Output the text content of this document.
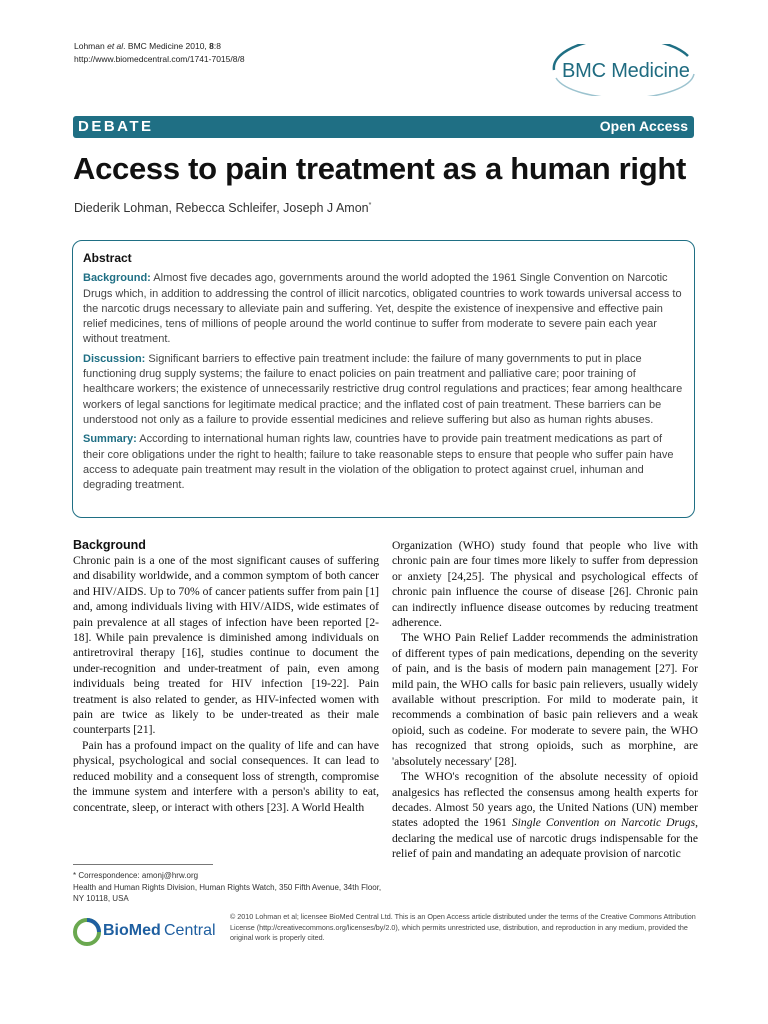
Lohman et al. BMC Medicine 2010, 8:8
http://www.biomedcentral.com/1741-7015/8/8
BMC Medicine
DEBATE	Open Access
Access to pain treatment as a human right
Diederik Lohman, Rebecca Schleifer, Joseph J Amon*
Abstract

Background: Almost five decades ago, governments around the world adopted the 1961 Single Convention on Narcotic Drugs which, in addition to addressing the control of illicit narcotics, obligated countries to work towards universal access to the narcotic drugs necessary to alleviate pain and suffering. Yet, despite the existence of inexpensive and effective pain relief medicines, tens of millions of people around the world continue to suffer from moderate to severe pain each year without treatment.

Discussion: Significant barriers to effective pain treatment include: the failure of many governments to put in place functioning drug supply systems; the failure to enact policies on pain treatment and palliative care; poor training of healthcare workers; the existence of unnecessarily restrictive drug control regulations and practices; fear among healthcare workers of legal sanctions for legitimate medical practice; and the inflated cost of pain treatment. These barriers can be understood not only as a failure to provide essential medicines and relieve suffering but also as human rights abuses.

Summary: According to international human rights law, countries have to provide pain treatment medications as part of their core obligations under the right to health; failure to take reasonable steps to ensure that people who suffer pain have access to adequate pain treatment may result in the violation of the obligation to protect against cruel, inhuman and degrading treatment.

Background

Chronic pain is a one of the most significant causes of suffering and disability worldwide, and a common symptom of both cancer and HIV/AIDS. Up to 70% of cancer patients suffer from pain [1] and, among individuals living with HIV/AIDS, wide estimates of pain prevalence at all stages of infection have been reported [2-18]. While pain prevalence is diminished among individuals on antiretroviral therapy [16], studies continue to document the under-recognition and under-treatment of pain, even among individuals being treated for HIV infection [19-22]. Pain treatment is also related to gender, as HIV-infected women with pain are twice as likely to be under-treated as their male counterparts [21].

Pain has a profound impact on the quality of life and can have physical, psychological and social consequences. It can lead to reduced mobility and a consequent loss of strength, compromise the immune system and interfere with a person's ability to eat, concentrate, sleep, or interact with others [23]. A World Health

Organization (WHO) study found that people who live with chronic pain are four times more likely to suffer from depression or anxiety [24,25]. The physical and psychological effects of chronic pain influence the course of disease [26]. Chronic pain can indirectly influence disease outcomes by reducing treatment adherence.

The WHO Pain Relief Ladder recommends the administration of different types of pain medications, depending on the severity of pain, and is the basis of modern pain management [27]. For mild pain, the WHO calls for basic pain relievers, usually widely available without prescription. For mild to moderate pain, it recommends a combination of basic pain relievers and a weak opioid, such as codeine. For moderate to severe pain, the WHO has recognized that strong opioids, such as morphine, are 'absolutely necessary' [28].

The WHO's recognition of the absolute necessity of opioid analgesics has reflected the consensus among health experts for decades. Almost 50 years ago, the United Nations (UN) member states adopted the 1961 Single Convention on Narcotic Drugs, declaring the medical use of narcotic drugs indispensable for the relief of pain and mandating an adequate provision of narcotic

* Correspondence: amonj@hrw.org
Health and Human Rights Division, Human Rights Watch, 350 Fifth Avenue, 34th Floor, NY 10118, USA
BioMed Central
© 2010 Lohman et al; licensee BioMed Central Ltd. This is an Open Access article distributed under the terms of the Creative Commons Attribution License (http://creativecommons.org/licenses/by/2.0), which permits unrestricted use, distribution, and reproduction in any medium, provided the original work is properly cited.
